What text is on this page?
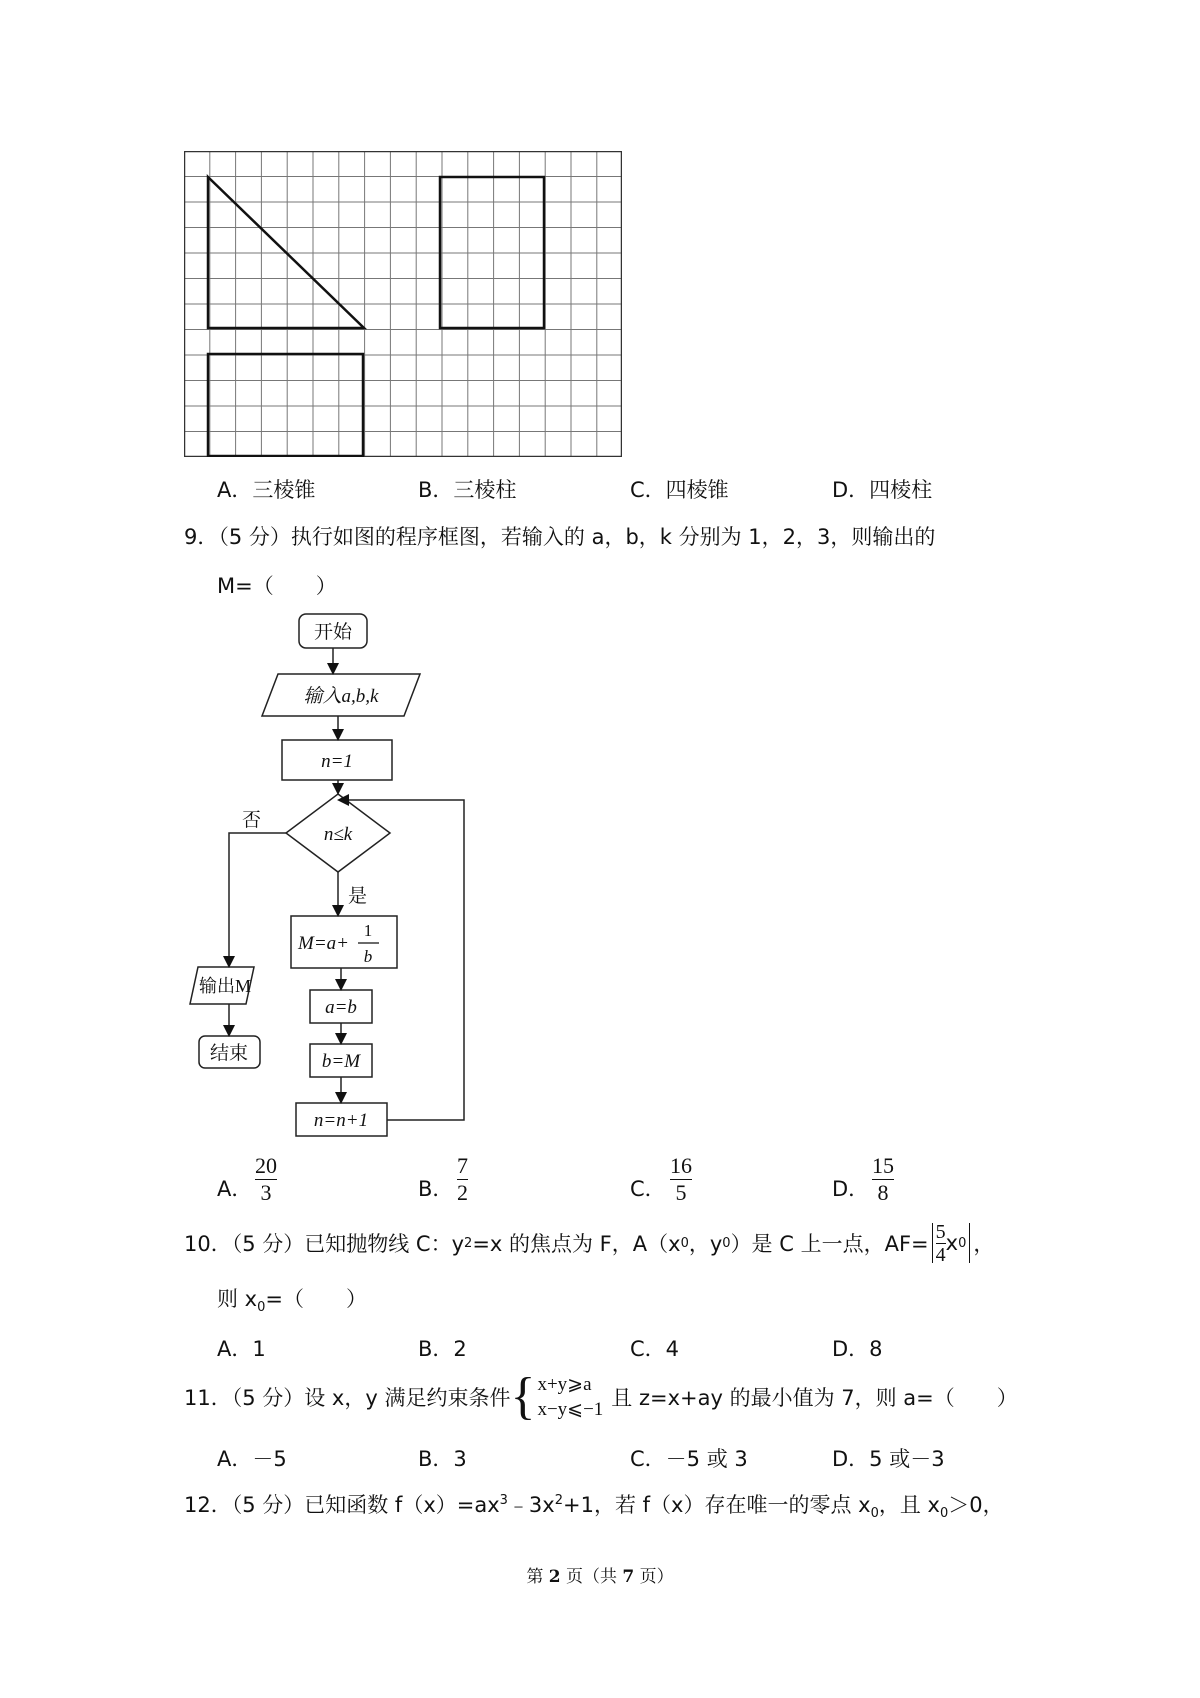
A．三棱锥	B．三棱柱	C．四棱锥	D．四棱柱
9．（5 分）执行如图的程序框图，若输入的 a，b，k 分别为 1，2，3，则输出的
M=（　　）
开始
输入a,b,k
n=1
n≤k
否
是
M=a+
1
b
a=b
b=M
n=n+1
输出M
结束
A．
20
3	B．
7
2	C．
16
5	D．
15
8
10．（5 分）已知抛物线 C：y 2 =x 的焦点为 F，A（x 0 ，y 0 ）是 C 上一点，AF=
5
4 x 0 ，
则 $x_0=$（　　）
A．1	B．2	C．4	D．8
11．（5 分）设 x，y 满足约束条件 { x+y⩾a
x−y⩽−1 且 z=x+ay 的最小值为 7，则 a=（　　）
A．－5	B．3	C．－5 或 3	D．5 或－3
12．（5 分）已知函数 $f(x)=ax^3﹣3x^2+1$，若 f（x）存在唯一的零点 $x_0$，且 $x_0>0$，
第 2 页（共 7 页）
